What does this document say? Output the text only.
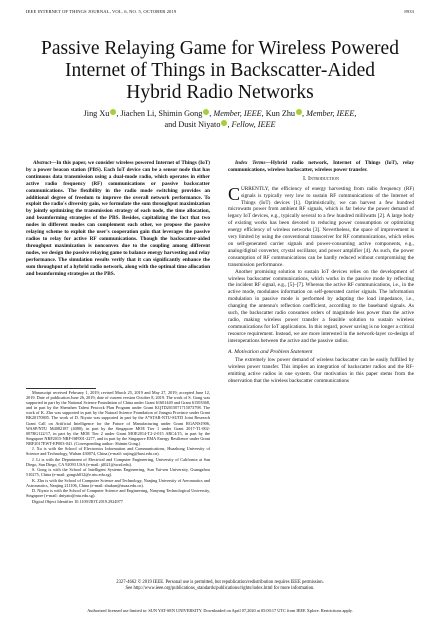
IEEE INTERNET OF THINGS JOURNAL, VOL. 6, NO. 5, OCTOBER 2019	8933
Passive Relaying Game for Wireless Powered
Internet of Things in Backscatter-Aided
Hybrid Radio Networks
Jing Xu , Jiachen Li, Shimin Gong , Member, IEEE, Kun Zhu , Member, IEEE,
and Dusit Niyato , Fellow, IEEE

Abstract—In this paper, we consider wireless powered Internet of Things (IoT) by a power beacon station (PBS). Each IoT device can be a sensor node that has continuous data transmission using a dual-mode radio, which operates in either active radio frequency (RF) communications or passive backscatter communications. The flexibility in the radio mode switching provides an additional degree of freedom to improve the overall network performance. To exploit the radio's diversity gain, we formulate the sum throughput maximization by jointly optimizing the transmission strategy of each node, the time allocation, and beamforming strategies of the PBS. Besides, capitalizing the fact that two nodes in different modes can complement each other, we propose the passive relaying scheme to exploit the user's cooperation gain that leverages the passive radios to relay for active RF communications. Though the backscatter-aided throughput maximization is nonconvex due to the coupling among different nodes, we design the passive relaying game to balance energy harvesting and relay performance. The simulation results verify that it can significantly enhance the sum throughput of a hybrid radio network, along with the optimal time allocation and beamforming strategies at the PBS.

Manuscript received February 1, 2019; revised March 25, 2019 and May 27, 2019; accepted June 12, 2019. Date of publication June 26, 2019; date of current version October 8, 2019. The work of S. Gong was supported in part by the National Science Foundation of China under Grant 61601449 and Grant 61503368, and in part by the Shenzhen Talent Peacock Plan Program under Grant KQTD2015071715073798. The work of K. Zhu was supported in part by the Natural Science Foundation of Jiangsu Province under Grant BK20170805. The work of D. Niyato was supported in part by the A*STAR-NTU-SUTD Joint Research Grant Call on Artificial Intelligence for the Future of Manufacturing under Grant RGANS1906, WASP/NTU M4082187 (4080), in part by the Singapore MOE Tier 1 under Grant 2017-T1-002-007RG122/17, in part by the MOE Tier 2 under Grant MOE2014-T2-2-015 ARC4/15, in part by the Singapore NRF2015-NRF-ISF001-2277, and in part by the Singapore EMA Energy Resilience under Grant NRF2017EWT-EP003-041. (Corresponding author: Shimin Gong.)

J. Xu is with the School of Electronics Information and Communications, Huazhong University of Science and Technology, Wuhan 430074, China (e-mail: xujing@hust.edu.cn).

J. Li is with the Department of Electrical and Computer Engineering, University of California at San Diego, San Diego, CA 92093 USA (e-mail: jil021@ucsd.edu).

S. Gong is with the School of Intelligent Systems Engineering, Sun Yat-sen University, Guangzhou 510275, China (e-mail: gongsh012@e.ntu.edu.sg).

K. Zhu is with the School of Computer Science and Technology, Nanjing University of Aeronautics and Astronautics, Nanjing 211106, China (e-mail: zhukun@nuaa.edu.cn).

D. Niyato is with the School of Computer Science and Engineering, Nanyang Technological University, Singapore (e-mail: dniyato@ntu.edu.sg).

Digital Object Identifier 10.1109/JIOT.2019.2924977

Index Terms—Hybrid radio network, Internet of Things (IoT), relay communications, wireless backscatter, wireless power transfer.

I. Introduction

CURRENTLY, the efficiency of energy harvesting from radio frequency (RF) signals is typically very low to sustain RF communications of the Internet of Things (IoT) devices [1]. Optimistically, we can harvest a few hundred microwatts power from ambient RF signals, which is far below the power demand of legacy IoT devices, e.g., typically several to a few hundred milliwatts [2]. A large body of existing works has been devoted to reducing power consumption or optimizing energy efficiency of wireless networks [3]. Nevertheless, the space of improvement is very limited by using the conventional transceiver for RF communications, which relies on self-generated carrier signals and power-consuming active components, e.g., analog/digital converter, crystal oscillator, and power amplifier [4]. As such, the power consumption of RF communications can be hardly reduced without compromising the transmission performance.

Another promising solution to sustain IoT devices relies on the development of wireless backscatter communications, which works in the passive mode by reflecting the incident RF signal, e.g., [5]–[7]. Whereas the active RF communications, i.e., in the active mode, modulates information on self-generated carrier signals. The information modulation in passive mode is performed by adapting the load impedance, i.e., changing the antenna's reflection coefficient, according to the baseband signals. As such, the backscatter radio consumes orders of magnitude less power than the active radio, making wireless power transfer a feasible solution to sustain wireless communications for IoT applications. In this regard, power saving is no longer a critical resource requirement. Instead, we are more interested in the network-layer co-design of interoperations between the active and the passive radios.

A. Motivation and Problem Statement

The extremely low power demand of wireless backscatter can be easily fulfilled by wireless power transfer. This implies an integration of backscatter radios and the RF-emitting active radios in one system. Our motivation in this paper stems from the observation that the wireless backscatter communications

2327-4662 © 2019 IEEE. Personal use is permitted, but republication/redistribution requires IEEE permission.
See http://www.ieee.org/publications_standards/publications/rights/index.html for more information.
Authorized licensed use limited to: SUN YAT-SEN UNIVERSITY. Downloaded on April 07,2020 at 05:00:17 UTC from IEEE Xplore. Restrictions apply.
